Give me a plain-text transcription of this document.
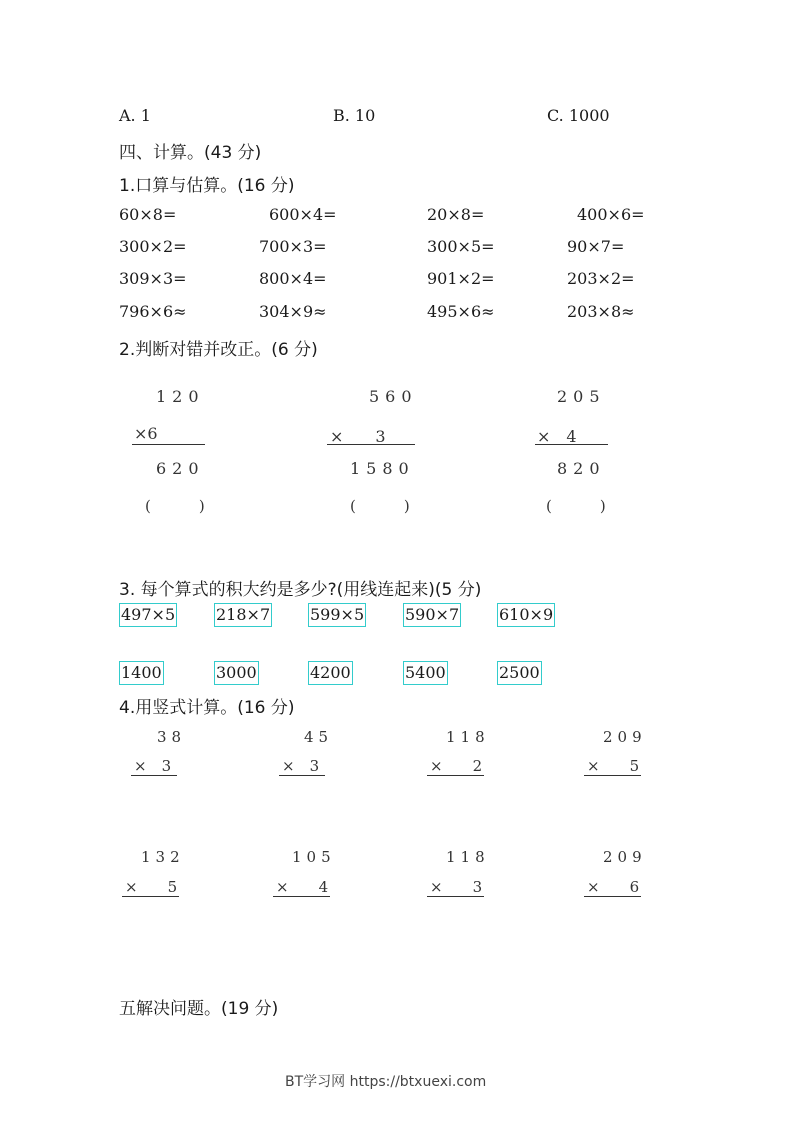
A. 1	B. 10	C. 1000
四、计算。(43 分)
1.口算与估算。(16 分)
60×8=	600×4=	20×8=	400×6=
300×2=	700×3=	300×5=	90×7=
309×3=	800×4=	901×2=	203×2=
796×6≈	304×9≈	495×6≈	203×8≈
2.判断对错并改正。(6 分)
120
×6
620
(　　)
560
×　　3
1580
(　　)
205
×　4
820
(　　)
3. 每个算式的积大约是多少?(用线连起来)(5 分)
497×5	218×7 599×5	590×7 610×9
1400	3000	4200	5400	2500
4.用竖式计算。(16 分)
38
×　3
45
×　3
118
×　　2
209
×　　5
132
×　　5
105
×　　4
118
×　　3
209
×　　6
五解决问题。(19 分)
BT学习网 https://btxuexi.com
